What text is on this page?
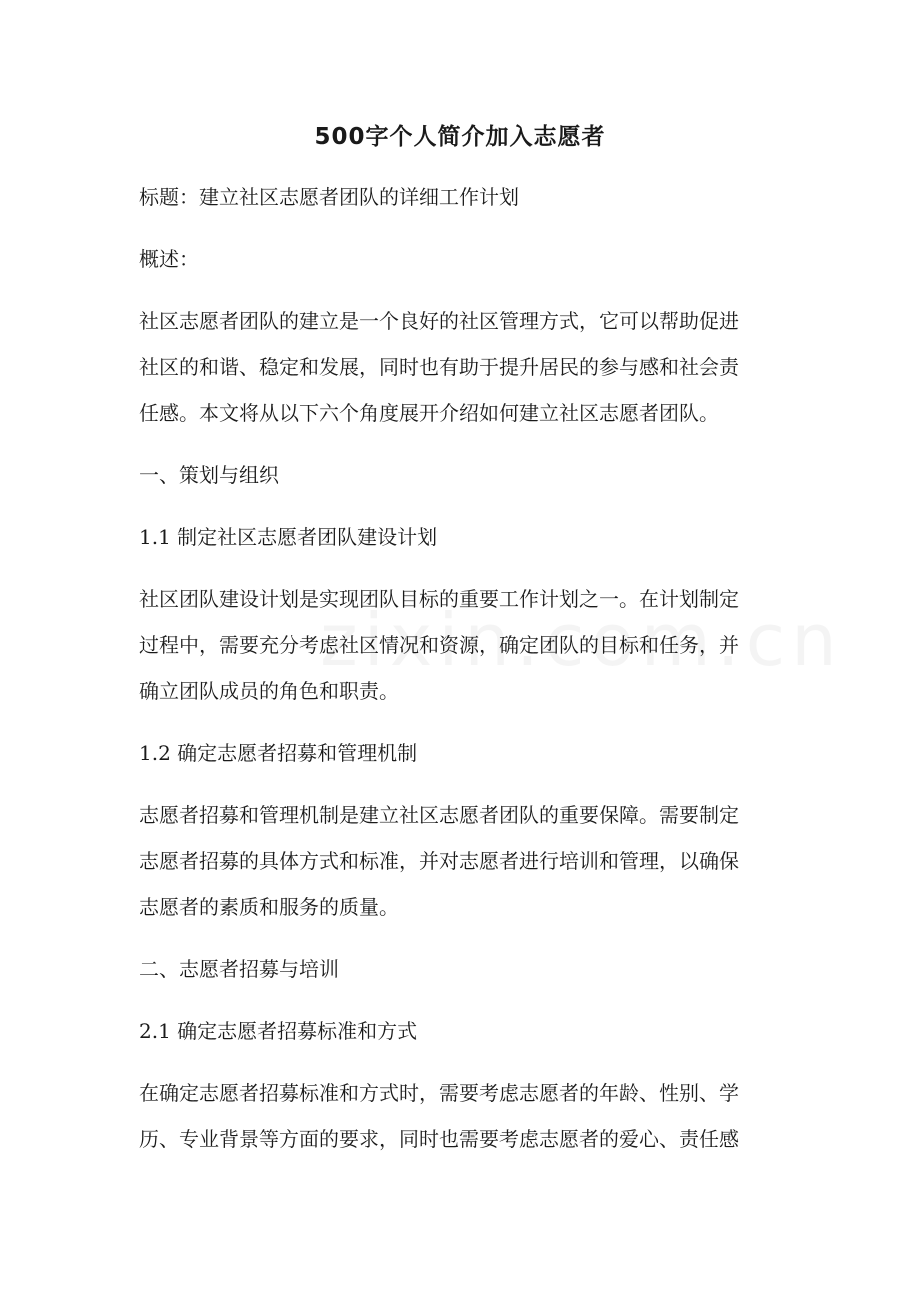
500字个人简介加入志愿者
标题：建立社区志愿者团队的详细工作计划
概述：
社区志愿者团队的建立是一个良好的社区管理方式，它可以帮助促进
社区的和谐、稳定和发展，同时也有助于提升居民的参与感和社会责
任感。本文将从以下六个角度展开介绍如何建立社区志愿者团队。
一、策划与组织
1.1 制定社区志愿者团队建设计划
社区团队建设计划是实现团队目标的重要工作计划之一。在计划制定
过程中，需要充分考虑社区情况和资源，确定团队的目标和任务，并
确立团队成员的角色和职责。
1.2 确定志愿者招募和管理机制
志愿者招募和管理机制是建立社区志愿者团队的重要保障。需要制定
志愿者招募的具体方式和标准，并对志愿者进行培训和管理，以确保
志愿者的素质和服务的质量。
二、志愿者招募与培训
2.1 确定志愿者招募标准和方式
在确定志愿者招募标准和方式时，需要考虑志愿者的年龄、性别、学
历、专业背景等方面的要求，同时也需要考虑志愿者的爱心、责任感
